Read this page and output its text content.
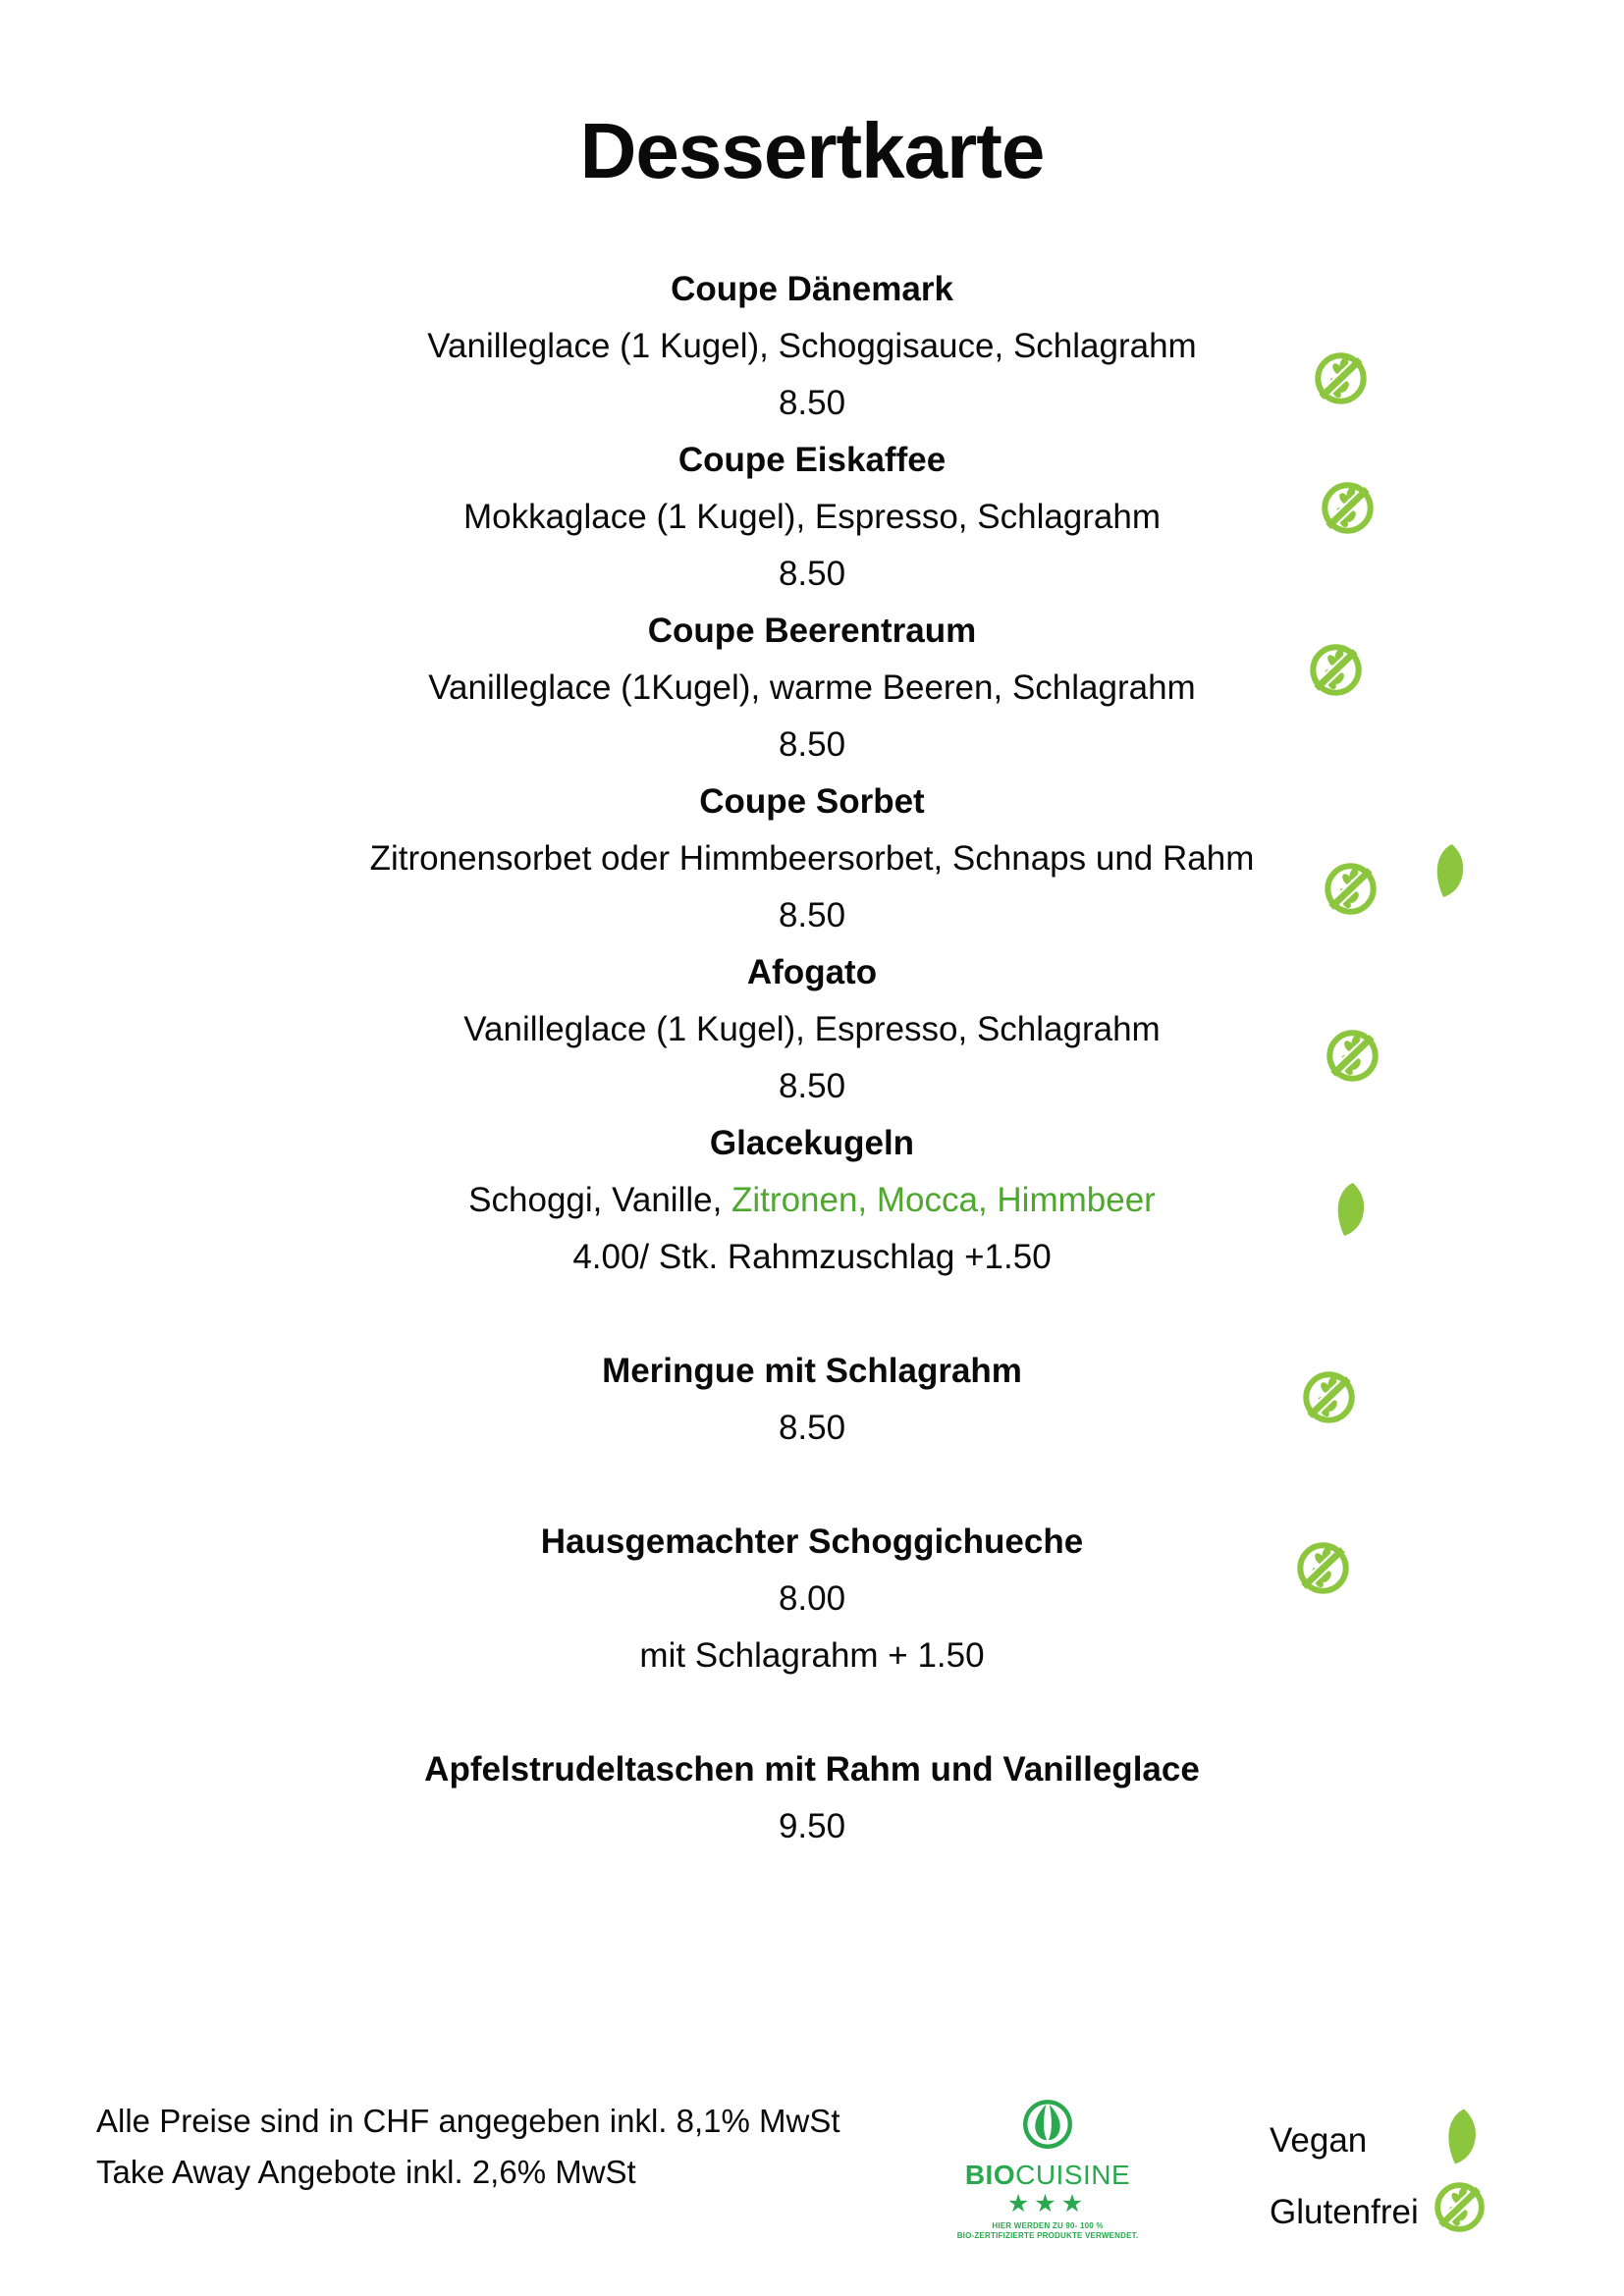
Dessertkarte
Coupe Dänemark
Vanilleglace (1 Kugel), Schoggisauce, Schlagrahm
8.50
Coupe Eiskaffee
Mokkaglace (1 Kugel), Espresso, Schlagrahm
8.50
Coupe Beerentraum
Vanilleglace (1Kugel), warme Beeren, Schlagrahm
8.50
Coupe Sorbet
Zitronensorbet oder Himmbeersorbet, Schnaps und Rahm
8.50
Afogato
Vanilleglace (1 Kugel), Espresso, Schlagrahm
8.50
Glacekugeln
Schoggi, Vanille, Zitronen, Mocca, Himmbeer
4.00/ Stk. Rahmzuschlag +1.50
Meringue mit Schlagrahm
8.50
Hausgemachter Schoggichueche
8.00
mit Schlagrahm + 1.50
Apfelstrudeltaschen mit Rahm und Vanilleglace
9.50
Alle Preise sind in CHF angegeben inkl. 8,1% MwSt
Take Away Angebote inkl. 2,6% MwSt	BIOCUISINE
★★★
HIER WERDEN ZU 90- 100 %
BIO-ZERTIFIZIERTE PRODUKTE VERWENDET.
Vegan
Glutenfrei
